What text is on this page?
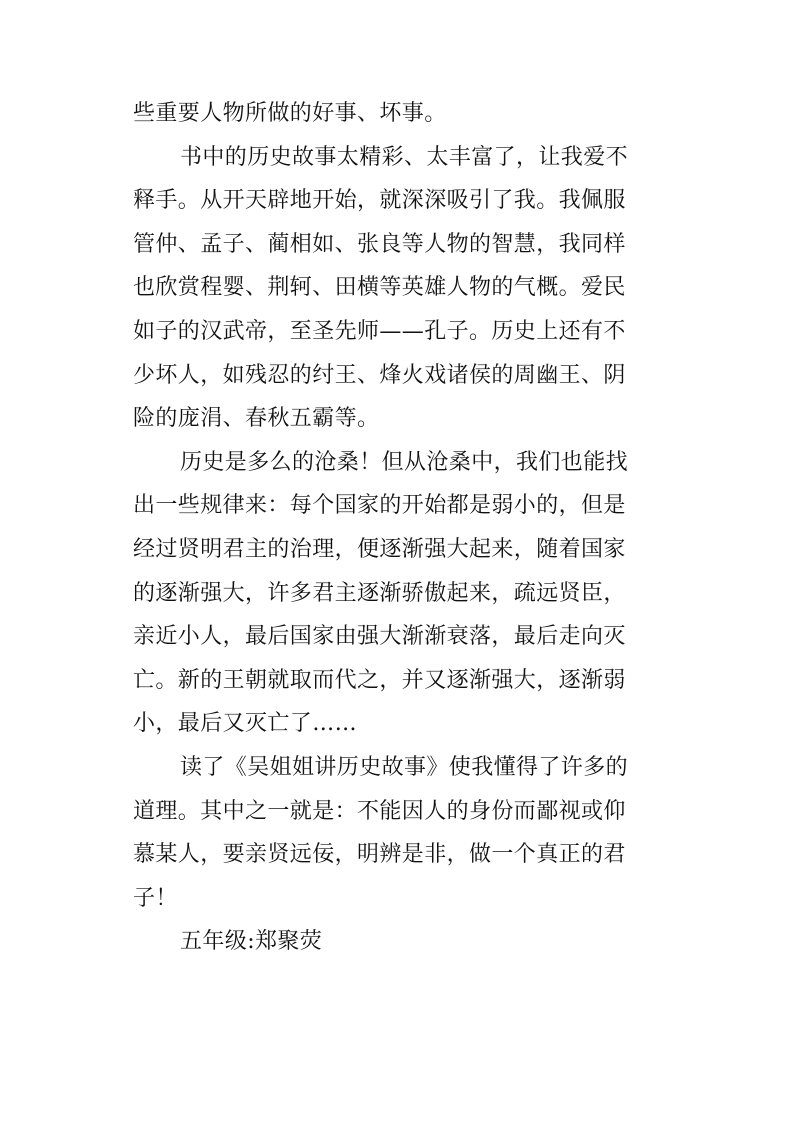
些重要人物所做的好事、坏事。
书中的历史故事太精彩、太丰富了，让我爱不
释手。从开天辟地开始，就深深吸引了我。我佩服
管仲、孟子、蔺相如、张良等人物的智慧，我同样
也欣赏程婴、荆轲、田横等英雄人物的气概。爱民
如子的汉武帝，至圣先师——孔子。历史上还有不
少坏人，如残忍的纣王、烽火戏诸侯的周幽王、阴
险的庞涓、春秋五霸等。
历史是多么的沧桑！但从沧桑中，我们也能找
出一些规律来：每个国家的开始都是弱小的，但是
经过贤明君主的治理，便逐渐强大起来，随着国家
的逐渐强大，许多君主逐渐骄傲起来，疏远贤臣，
亲近小人，最后国家由强大渐渐衰落，最后走向灭
亡。新的王朝就取而代之，并又逐渐强大，逐渐弱
小，最后又灭亡了……
读了《吴姐姐讲历史故事》使我懂得了许多的
道理。其中之一就是：不能因人的身份而鄙视或仰
慕某人，要亲贤远佞，明辨是非，做一个真正的君
子！
五年级:郑聚荧
